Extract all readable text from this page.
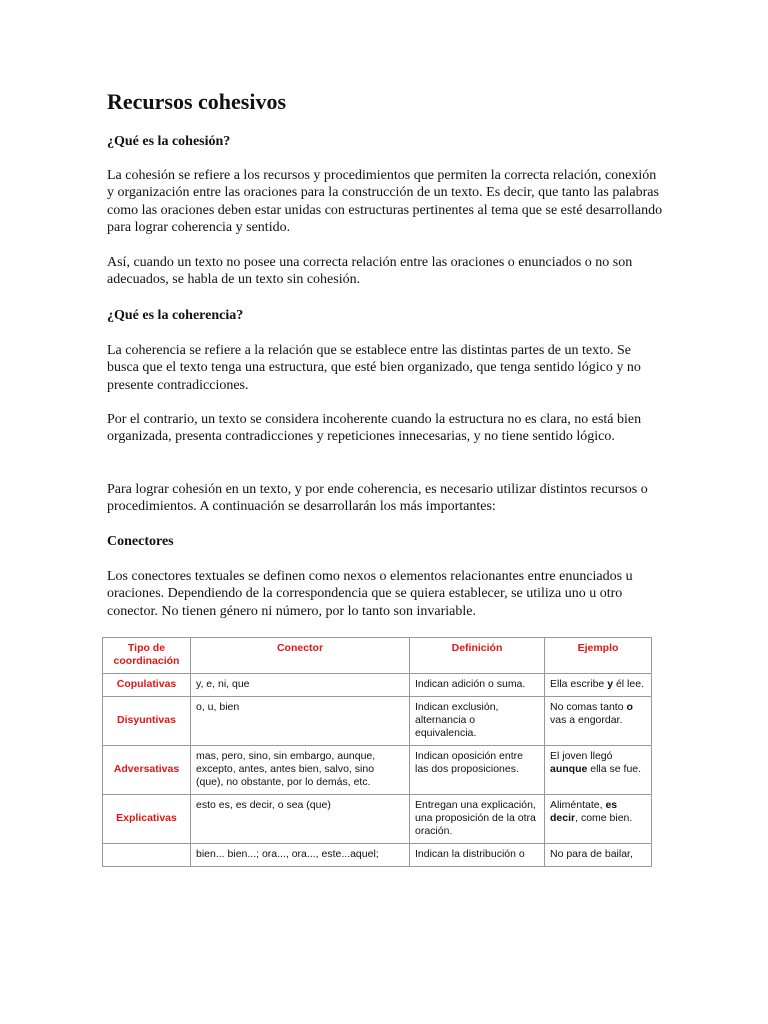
Recursos cohesivos
¿Qué es la cohesión?

La cohesión se refiere a los recursos y procedimientos que permiten la correcta relación, conexión y organización entre las oraciones para la construcción de un texto. Es decir, que tanto las palabras como las oraciones deben estar unidas con estructuras pertinentes al tema que se esté desarrollando para lograr coherencia y sentido.

Así, cuando un texto no posee una correcta relación entre las oraciones o enunciados o no son adecuados, se habla de un texto sin cohesión.

¿Qué es la coherencia?

La coherencia se refiere a la relación que se establece entre las distintas partes de un texto. Se busca que el texto tenga una estructura, que esté bien organizado, que tenga sentido lógico y no presente contradicciones.

Por el contrario, un texto se considera incoherente cuando la estructura no es clara, no está bien organizada, presenta contradicciones y repeticiones innecesarias, y no tiene sentido lógico.

Para lograr cohesión en un texto, y por ende coherencia, es necesario utilizar distintos recursos o procedimientos. A continuación se desarrollarán los más importantes:

Conectores

Los conectores textuales se definen como nexos o elementos relacionantes entre enunciados u oraciones. Dependiendo de la correspondencia que se quiera establecer, se utiliza uno u otro conector. No tienen género ni número, por lo tanto son invariable.

Tipo de coordinación	Conector	Definición	Ejemplo
Copulativas	y, e, ni, que	Indican adición o suma.	Ella escribe y él lee.
Disyuntivas	o, u, bien	Indican exclusión, alternancia o equivalencia.	No comas tanto o vas a engordar.
Adversativas	mas, pero, sino, sin embargo, aunque, excepto, antes, antes bien, salvo, sino (que), no obstante, por lo demás, etc.	Indican oposición entre las dos proposiciones.	El joven llegó aunque ella se fue.
Explicativas	esto es, es decir, o sea (que)	Entregan una explicación, una proposición de la otra oración.	Aliméntate, es decir, come bien.
	bien... bien...; ora..., ora..., este...aquel;	Indican la distribución o	No para de bailar,
